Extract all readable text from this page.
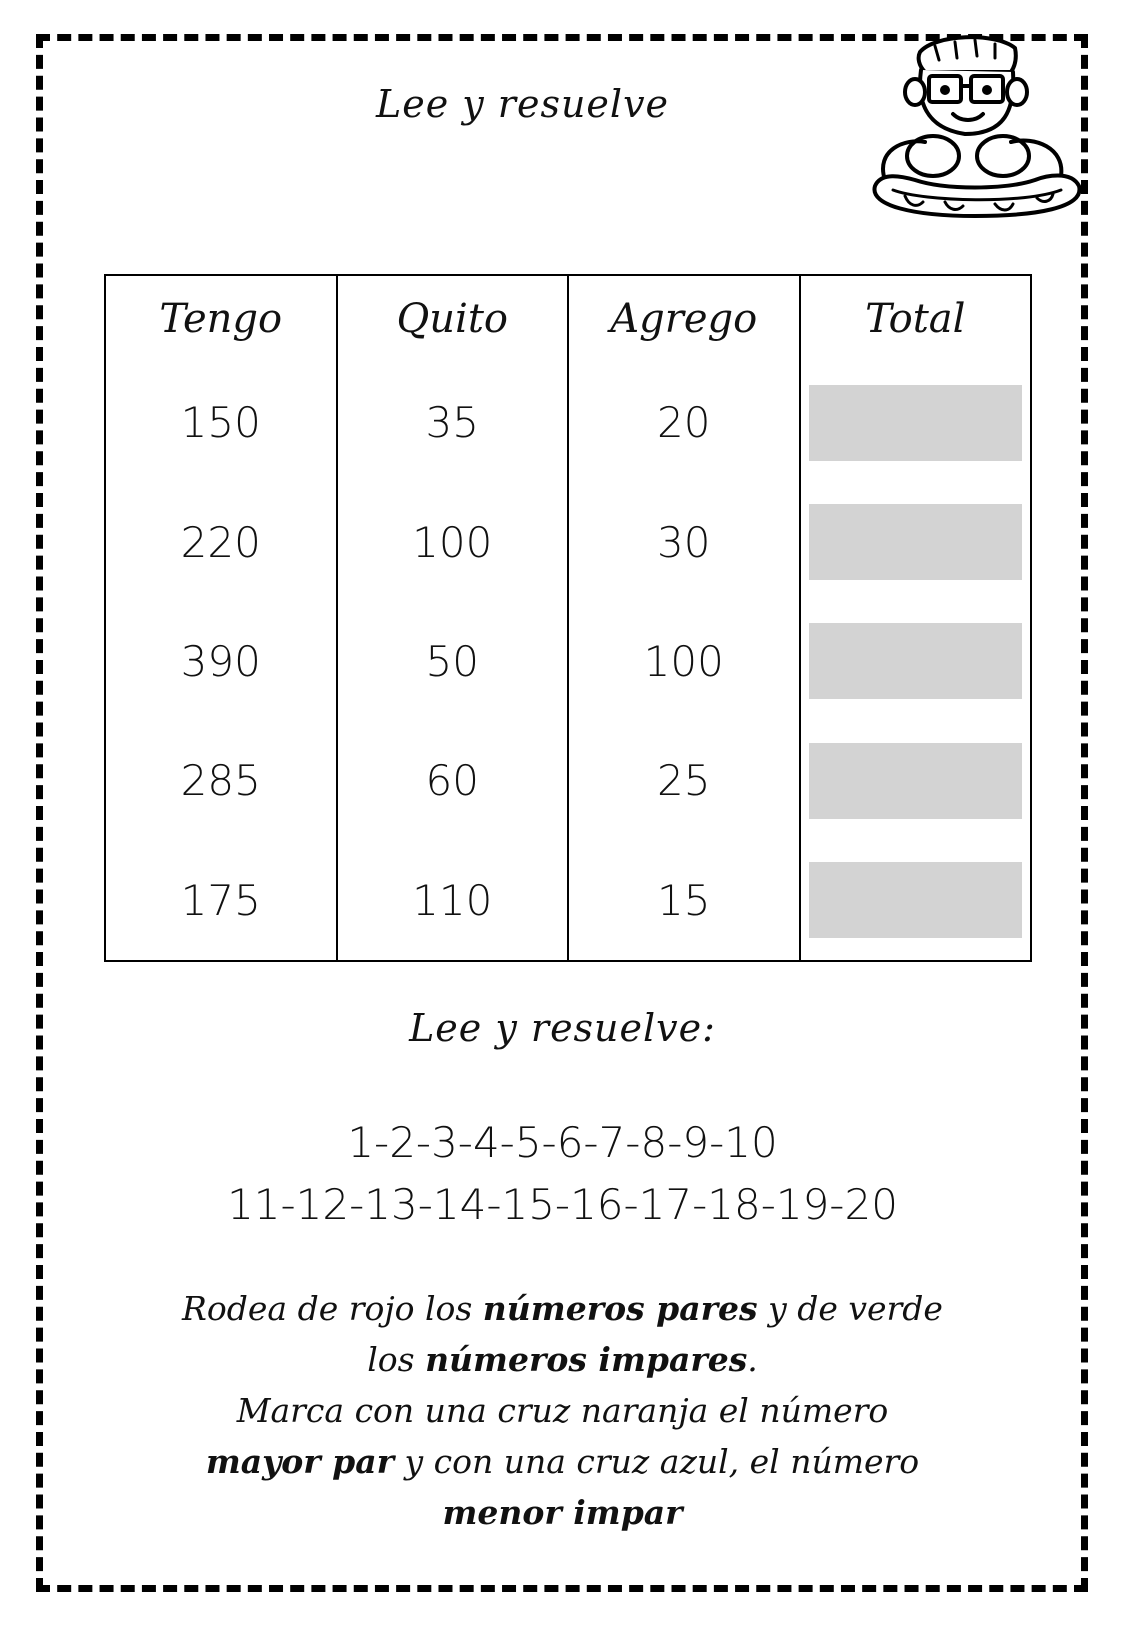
Lee y resuelve
Tengo	Quito	Agrego	Total
150	35	20	

220	100	30	

390	50	100	

285	60	25	

175	110	15	
Lee y resuelve:
1-2-3-4-5-6-7-8-9-10
11-12-13-14-15-16-17-18-19-20
Rodea de rojo los números pares y de verde
los números impares.
Marca con una cruz naranja el número
mayor par y con una cruz azul, el número
menor impar
